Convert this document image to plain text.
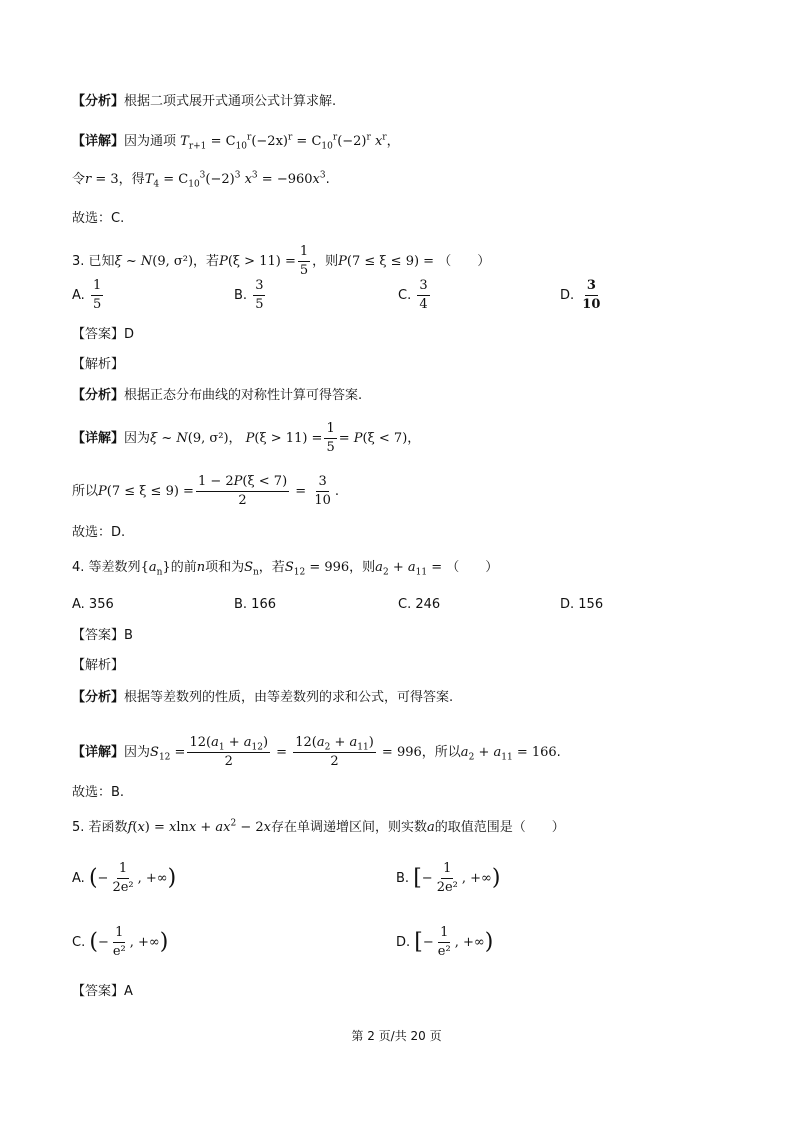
【分析】根据二项式展开式通项公式计算求解.
【详解】因为通项 $T_{r+1} = C_{10}^r(-2x)^r = C_{10}^r(-2)^r$ $x^r$，
令r = 3，得$T_4 = C_{10}^3(-2)^3$ $x^3 = -960x^3$.
故选：C.
3. 已知ξ ~ N(9, σ²)，若$P(\xi > 11) = \frac{1}{5}$ ，则P(7 ≤ ξ ≤ 9) = （　　）
A. $\frac{1}{5}$	B. $\frac{3}{5}$	C. $\frac{3}{4}$	D. $\frac{3}{10}$
【答案】D
【解析】
【分析】根据正态分布曲线的对称性计算可得答案.
【详解】因为ξ ~ N(9, σ²)， $P(\xi > 11) = \frac{1}{5} = P(\xi < 7)$，
所以$P(7 \le \xi \le 9) = \frac{1 - 2P(\xi < 7)}{2} = \frac{3}{10}$ .
故选：D.
4. 等差数列$\{a_n\}$的前n项和为$S_n$，若$S_{12} = 996$，则$a_2 + a_{11}$ = （　　）
A. 356	B. 166	C. 246	D. 156
【答案】B
【解析】
【分析】根据等差数列的性质，由等差数列的求和公式，可得答案.
【详解】因为$S_{12} = \frac{12(a_1 + a_{12})}{2} = \frac{12(a_2 + a_{11})}{2} = 996$，所以$a_2 + a_{11} = 166$.
故选：B.
5. 若函数$f(x) = xlnx + ax^2 - 2x$存在单调递增区间，则实数a的取值范围是（　　）
A. (− $\frac{1}{\text{2e²}}$ , +∞)	B. [− $\frac{1}{\text{2e²}}$ , +∞)
C. (− $\frac{1}{\text{e²}}$ , +∞)	D. [− $\frac{1}{\text{e²}}$ , +∞)
【答案】A
第 2 页/共 20 页
